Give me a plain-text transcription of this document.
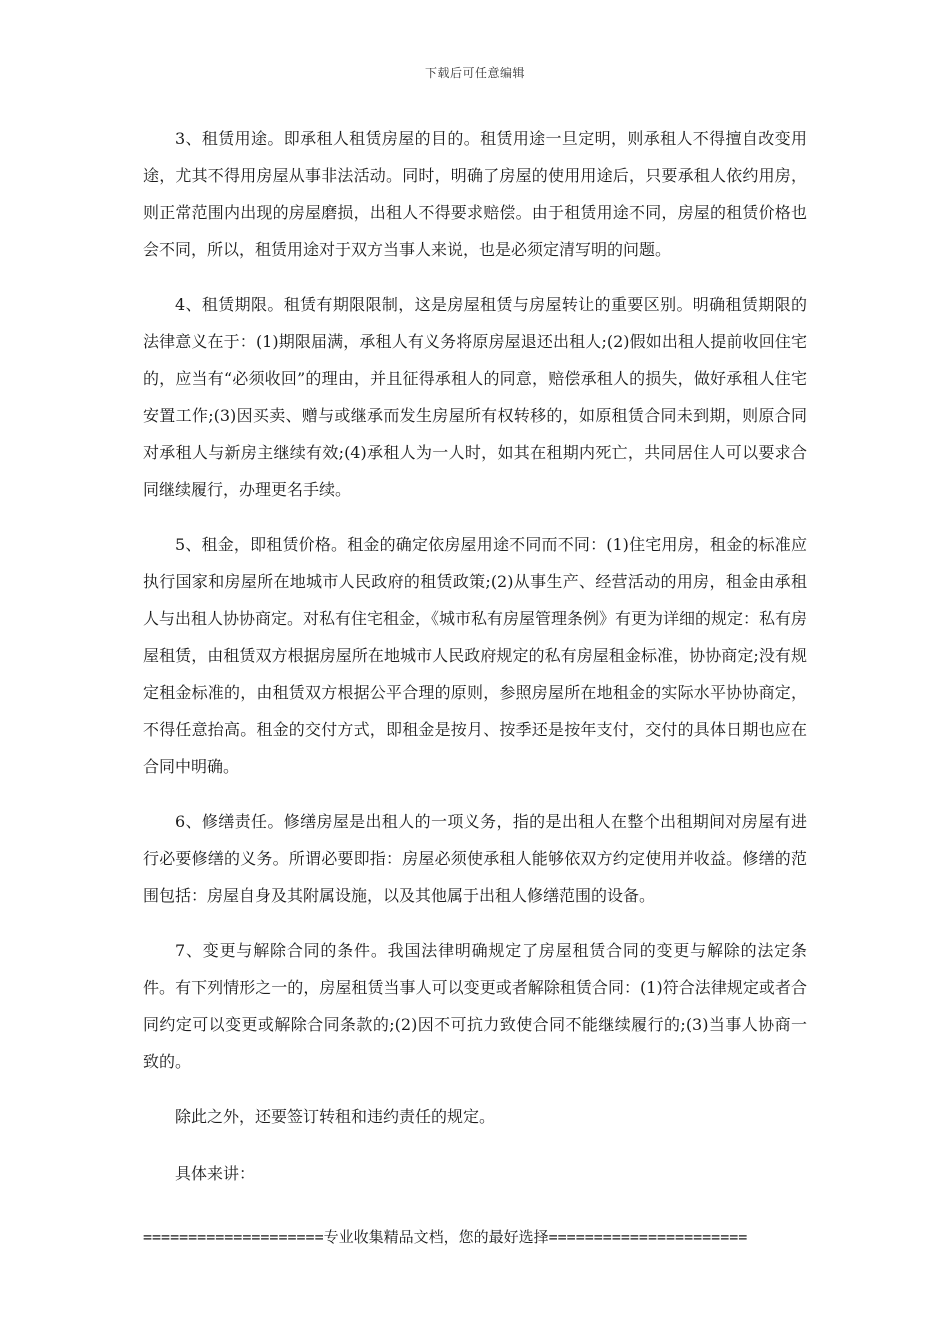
下载后可任意编辑

3、租赁用途。即承租人租赁房屋的目的。租赁用途一旦定明，则承租人不得擅自改变用途，尤其不得用房屋从事非法活动。同时，明确了房屋的使用用途后，只要承租人依约用房，则正常范围内出现的房屋磨损，出租人不得要求赔偿。由于租赁用途不同，房屋的租赁价格也会不同，所以，租赁用途对于双方当事人来说，也是必须定清写明的问题。

4、租赁期限。租赁有期限限制，这是房屋租赁与房屋转让的重要区别。明确租赁期限的法律意义在于：(1)期限届满，承租人有义务将原房屋退还出租人;(2)假如出租人提前收回住宅的，应当有“必须收回”的理由，并且征得承租人的同意，赔偿承租人的损失，做好承租人住宅安置工作;(3)因买卖、赠与或继承而发生房屋所有权转移的，如原租赁合同未到期，则原合同对承租人与新房主继续有效;(4)承租人为一人时，如其在租期内死亡，共同居住人可以要求合同继续履行，办理更名手续。

5、租金，即租赁价格。租金的确定依房屋用途不同而不同：(1)住宅用房，租金的标准应执行国家和房屋所在地城市人民政府的租赁政策;(2)从事生产、经营活动的用房，租金由承租人与出租人协协商定。对私有住宅租金，《城市私有房屋管理条例》有更为详细的规定：私有房屋租赁，由租赁双方根据房屋所在地城市人民政府规定的私有房屋租金标准，协协商定;没有规定租金标准的，由租赁双方根据公平合理的原则，参照房屋所在地租金的实际水平协协商定，不得任意抬高。租金的交付方式，即租金是按月、按季还是按年支付，交付的具体日期也应在合同中明确。

6、修缮责任。修缮房屋是出租人的一项义务，指的是出租人在整个出租期间对房屋有进行必要修缮的义务。所谓必要即指：房屋必须使承租人能够依双方约定使用并收益。修缮的范围包括：房屋自身及其附属设施，以及其他属于出租人修缮范围的设备。

7、变更与解除合同的条件。我国法律明确规定了房屋租赁合同的变更与解除的法定条件。有下列情形之一的，房屋租赁当事人可以变更或者解除租赁合同：(1)符合法律规定或者合同约定可以变更或解除合同条款的;(2)因不可抗力致使合同不能继续履行的;(3)当事人协商一致的。

除此之外，还要签订转租和违约责任的规定。

具体来讲：

====================专业收集精品文档，您的最好选择======================
